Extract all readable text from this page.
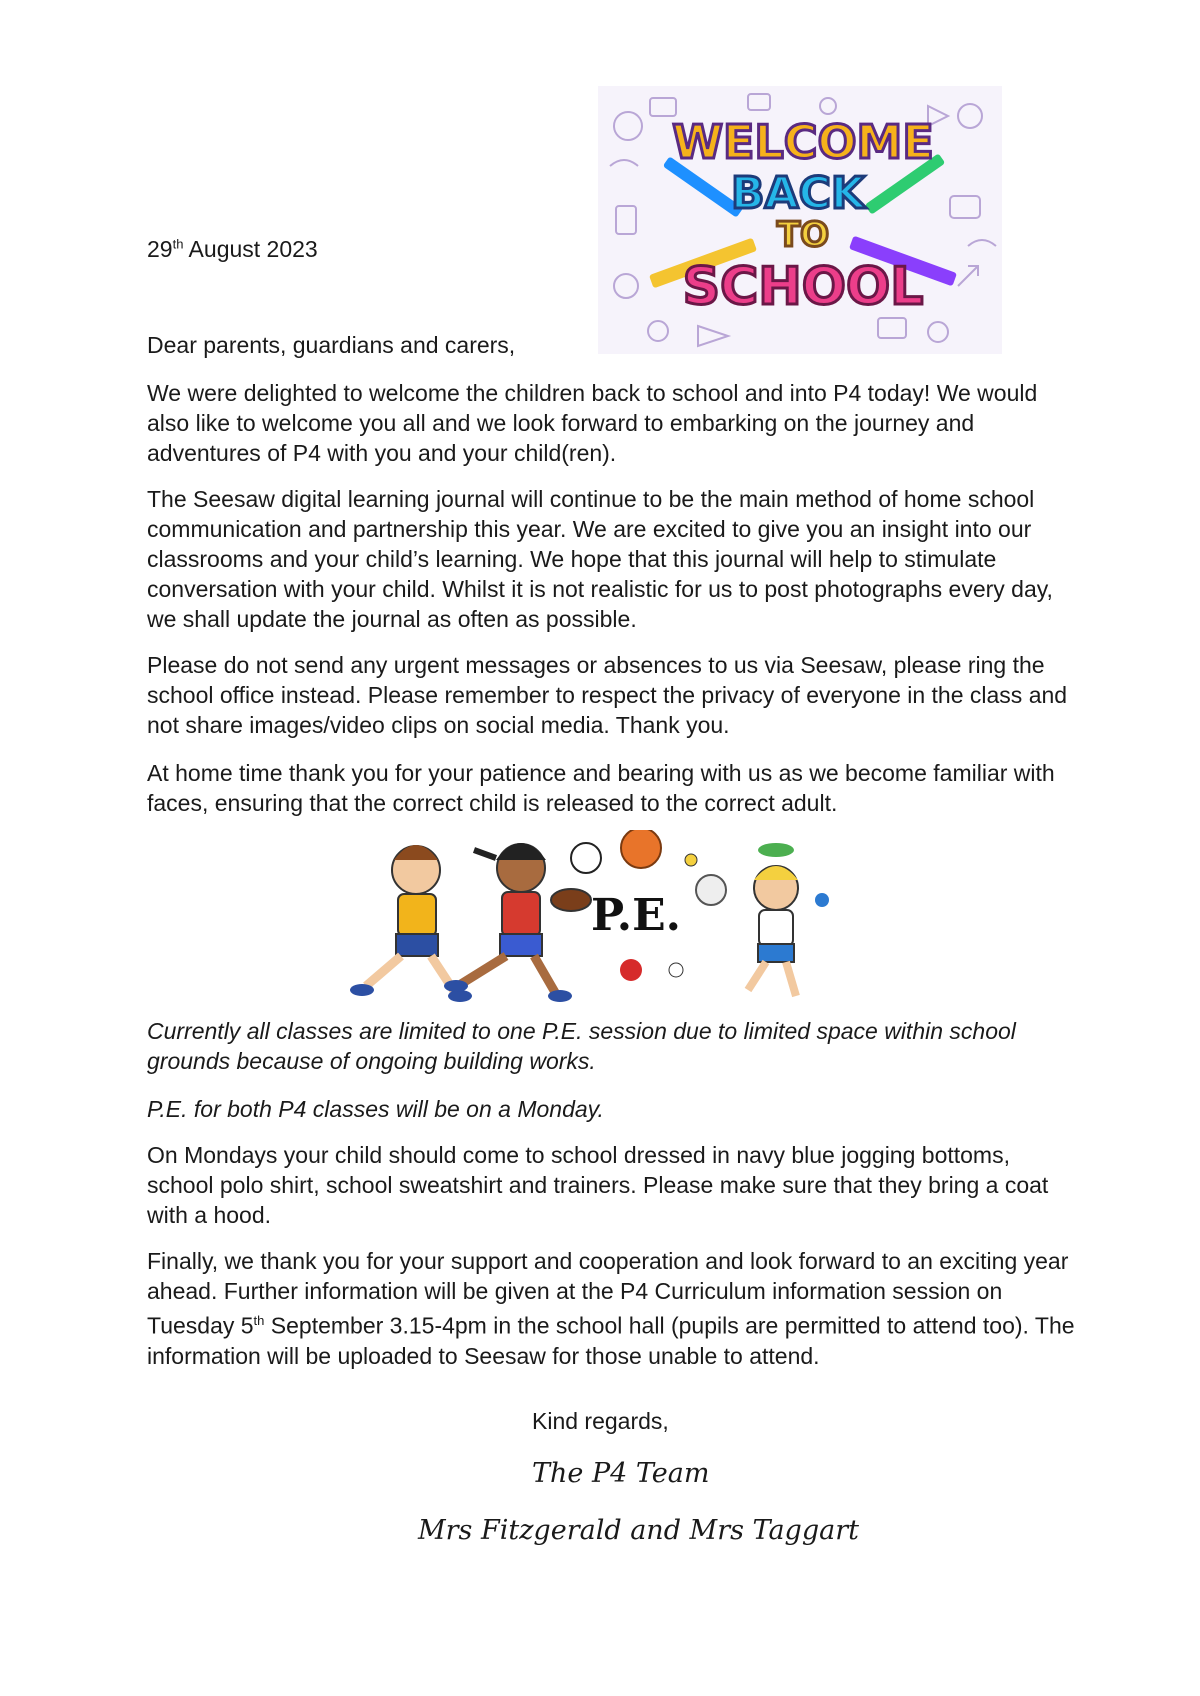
WELCOME
BACK
TO
SCHOOL
29th August 2023
Dear parents, guardians and carers,

We were delighted to welcome the children back to school and into P4 today! We would also like to welcome you all and we look forward to embarking on the journey and adventures of P4 with you and your child(ren).

The Seesaw digital learning journal will continue to be the main method of home school communication and partnership this year. We are excited to give you an insight into our classrooms and your child’s learning. We hope that this journal will help to stimulate conversation with your child. Whilst it is not realistic for us to post photographs every day, we shall update the journal as often as possible.

Please do not send any urgent messages or absences to us via Seesaw, please ring the school office instead. Please remember to respect the privacy of everyone in the class and not share images/video clips on social media. Thank you.

At home time thank you for your patience and bearing with us as we become familiar with faces, ensuring that the correct child is released to the correct adult.

P.E.

Currently all classes are limited to one P.E. session due to limited space within school grounds because of ongoing building works.

P.E. for both P4 classes will be on a Monday.

On Mondays your child should come to school dressed in navy blue jogging bottoms, school polo shirt, school sweatshirt and trainers. Please make sure that they bring a coat with a hood.

Finally, we thank you for your support and cooperation and look forward to an exciting year ahead. Further information will be given at the P4 Curriculum information session on Tuesday 5th September 3.15-4pm in the school hall (pupils are permitted to attend too). The information will be uploaded to Seesaw for those unable to attend.

Kind regards,
The P4 Team
Mrs Fitzgerald and Mrs Taggart
